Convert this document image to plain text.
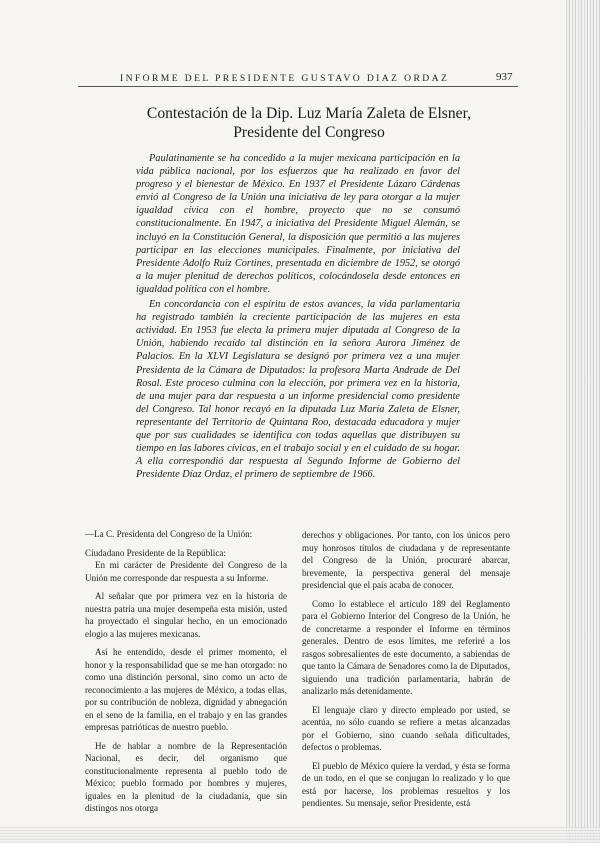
INFORME DEL PRESIDENTE GUSTAVO DIAZ ORDAZ	937
Contestación de la Dip. Luz María Zaleta de Elsner,
Presidente del Congreso

Paulatinamente se ha concedido a la mujer mexicana participación en la vida pública nacional, por los esfuerzos que ha realizado en favor del progreso y el bienestar de México. En 1937 el Presidente Lázaro Cárdenas envió al Congreso de la Unión una iniciativa de ley para otorgar a la mujer igualdad cívica con el hombre, proyecto que no se consumó constitucionalmente. En 1947, a iniciativa del Presidente Miguel Alemán, se incluyó en la Constitución General, la disposición que permitió a las mujeres participar en las elecciones municipales. Finalmente, por iniciativa del Presidente Adolfo Ruiz Cortines, presentada en diciembre de 1952, se otorgó a la mujer plenitud de derechos políticos, colocándosela desde entonces en igualdad política con el hombre.

En concordancia con el espíritu de estos avances, la vida parlamentaria ha registrado también la creciente participación de las mujeres en esta actividad. En 1953 fue electa la primera mujer diputada al Congreso de la Unión, habiendo recaído tal distinción en la señora Aurora Jiménez de Palacios. En la XLVI Legislatura se designó por primera vez a una mujer Presidenta de la Cámara de Diputados: la profesora Marta Andrade de Del Rosal. Este proceso culmina con la elección, por primera vez en la historia, de una mujer para dar respuesta a un informe presidencial como presidente del Congreso. Tal honor recayó en la diputada Luz María Zaleta de Elsner, representante del Territorio de Quintana Roo, destacada educadora y mujer que por sus cualidades se identifica con todas aquellas que distribuyen su tiempo en las labores cívicas, en el trabajo social y en el cuidado de su hogar. A ella correspondió dar respuesta al Segundo Informe de Gobierno del Presidente Díaz Ordaz, el primero de septiembre de 1966.

—La C. Presidenta del Congreso de la Unión:

Ciudadano Presidente de la República:

En mi carácter de Presidente del Congreso de la Unión me corresponde dar respuesta a su Informe.

Al señalar que por primera vez en la historia de nuestra patria una mujer desempeña esta misión, usted ha proyectado el singular hecho, en un emocionado elogio a las mujeres mexicanas.

Así he entendido, desde el primer momento, el honor y la responsabilidad que se me han otorgado: no como una distinción personal, sino como un acto de reconocimiento a las mujeres de México, a todas ellas, por su contribución de nobleza, dignidad y abnegación en el seno de la familia, en el trabajo y en las grandes empresas patrióticas de nuestro pueblo.

He de hablar a nombre de la Representación Nacional, es decir, del organismo que constitucionalmente representa al pueblo todo de México; pueblo formado por hombres y mujeres, iguales en la plenitud de la ciudadanía, que sin distingos nos otorga

derechos y obligaciones. Por tanto, con los únicos pero muy honrosos títulos de ciudadana y de representante del Congreso de la Unión, procuraré abarcar, brevemente, la perspectiva general del mensaje presidencial que el país acaba de conocer.

Como lo establece el artículo 189 del Reglamento para el Gobierno Interior del Congreso de la Unión, he de concretarme a responder el Informe en términos generales. Dentro de esos límites, me referiré a los rasgos sobresalientes de este documento, a sabiendas de que tanto la Cámara de Senadores como la de Diputados, siguiendo una tradición parlamentaria, habrán de analizarlo más detenidamente.

El lenguaje claro y directo empleado por usted, se acentúa, no sólo cuando se refiere a metas alcanzadas por el Gobierno, sino cuando señala dificultades, defectos o problemas.

El pueblo de México quiere la verdad, y ésta se forma de un todo, en el que se conjugan lo realizado y lo que está por hacerse, los problemas resueltos y los pendientes. Su mensaje, señor Presidente, está
